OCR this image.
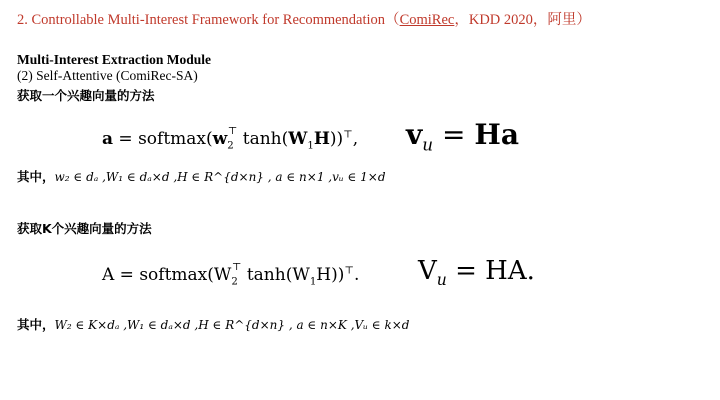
2. Controllable Multi-Interest Framework for Recommendation（ComiRec，KDD 2020，阿里）
Multi-Interest Extraction Module
(2) Self-Attentive (ComiRec-SA)
获取一个兴趣向量的方法
$a = softmax(w_2^⊤$ $\tanh(W_1H))^⊤$, $v_u = Ha$
其中，w₂ ∈ dₐ ,W₁ ∈ dₐ×d ,H ∈ R^{d×n} , a ∈ n×1 ,vᵤ ∈ 1×d
获取K个兴趣向量的方法
$A = softmax(W_2^⊤$ $\tanh(W_1H))^⊤$. $V_u$ = HA.
其中，W₂ ∈ K×dₐ ,W₁ ∈ dₐ×d ,H ∈ R^{d×n} , a ∈ n×K ,Vᵤ ∈ k×d
